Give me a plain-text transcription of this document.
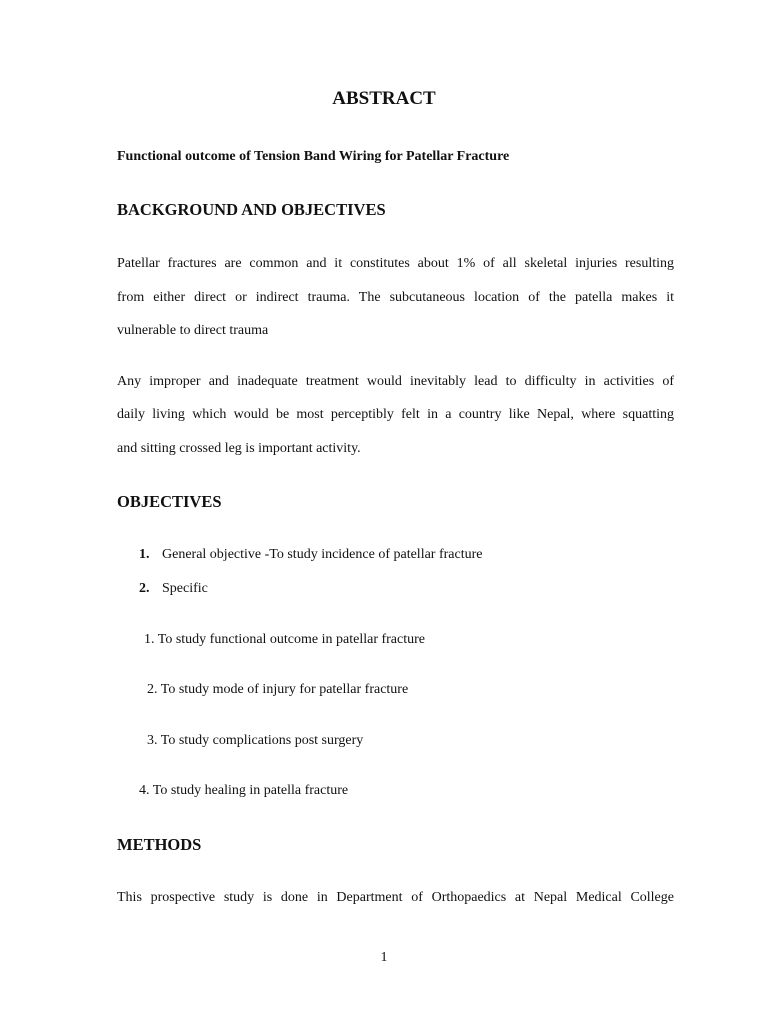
ABSTRACT
Functional outcome of Tension Band Wiring for Patellar Fracture
BACKGROUND AND OBJECTIVES
Patellar fractures are common and it constitutes about 1% of all skeletal injuries resulting
from either direct or indirect trauma. The subcutaneous location of the patella makes it
vulnerable to direct trauma
Any improper and inadequate treatment would inevitably lead to difficulty in activities of
daily living which would be most perceptibly felt in a country like Nepal, where squatting
and sitting crossed leg is important activity.
OBJECTIVES
1. General objective -To study incidence of patellar fracture
2. Specific
1. To study functional outcome in patellar fracture
2. To study mode of injury for patellar fracture
3. To study complications post surgery
4. To study healing in patella fracture
METHODS
This prospective study is done in Department of Orthopaedics at Nepal Medical College
1
